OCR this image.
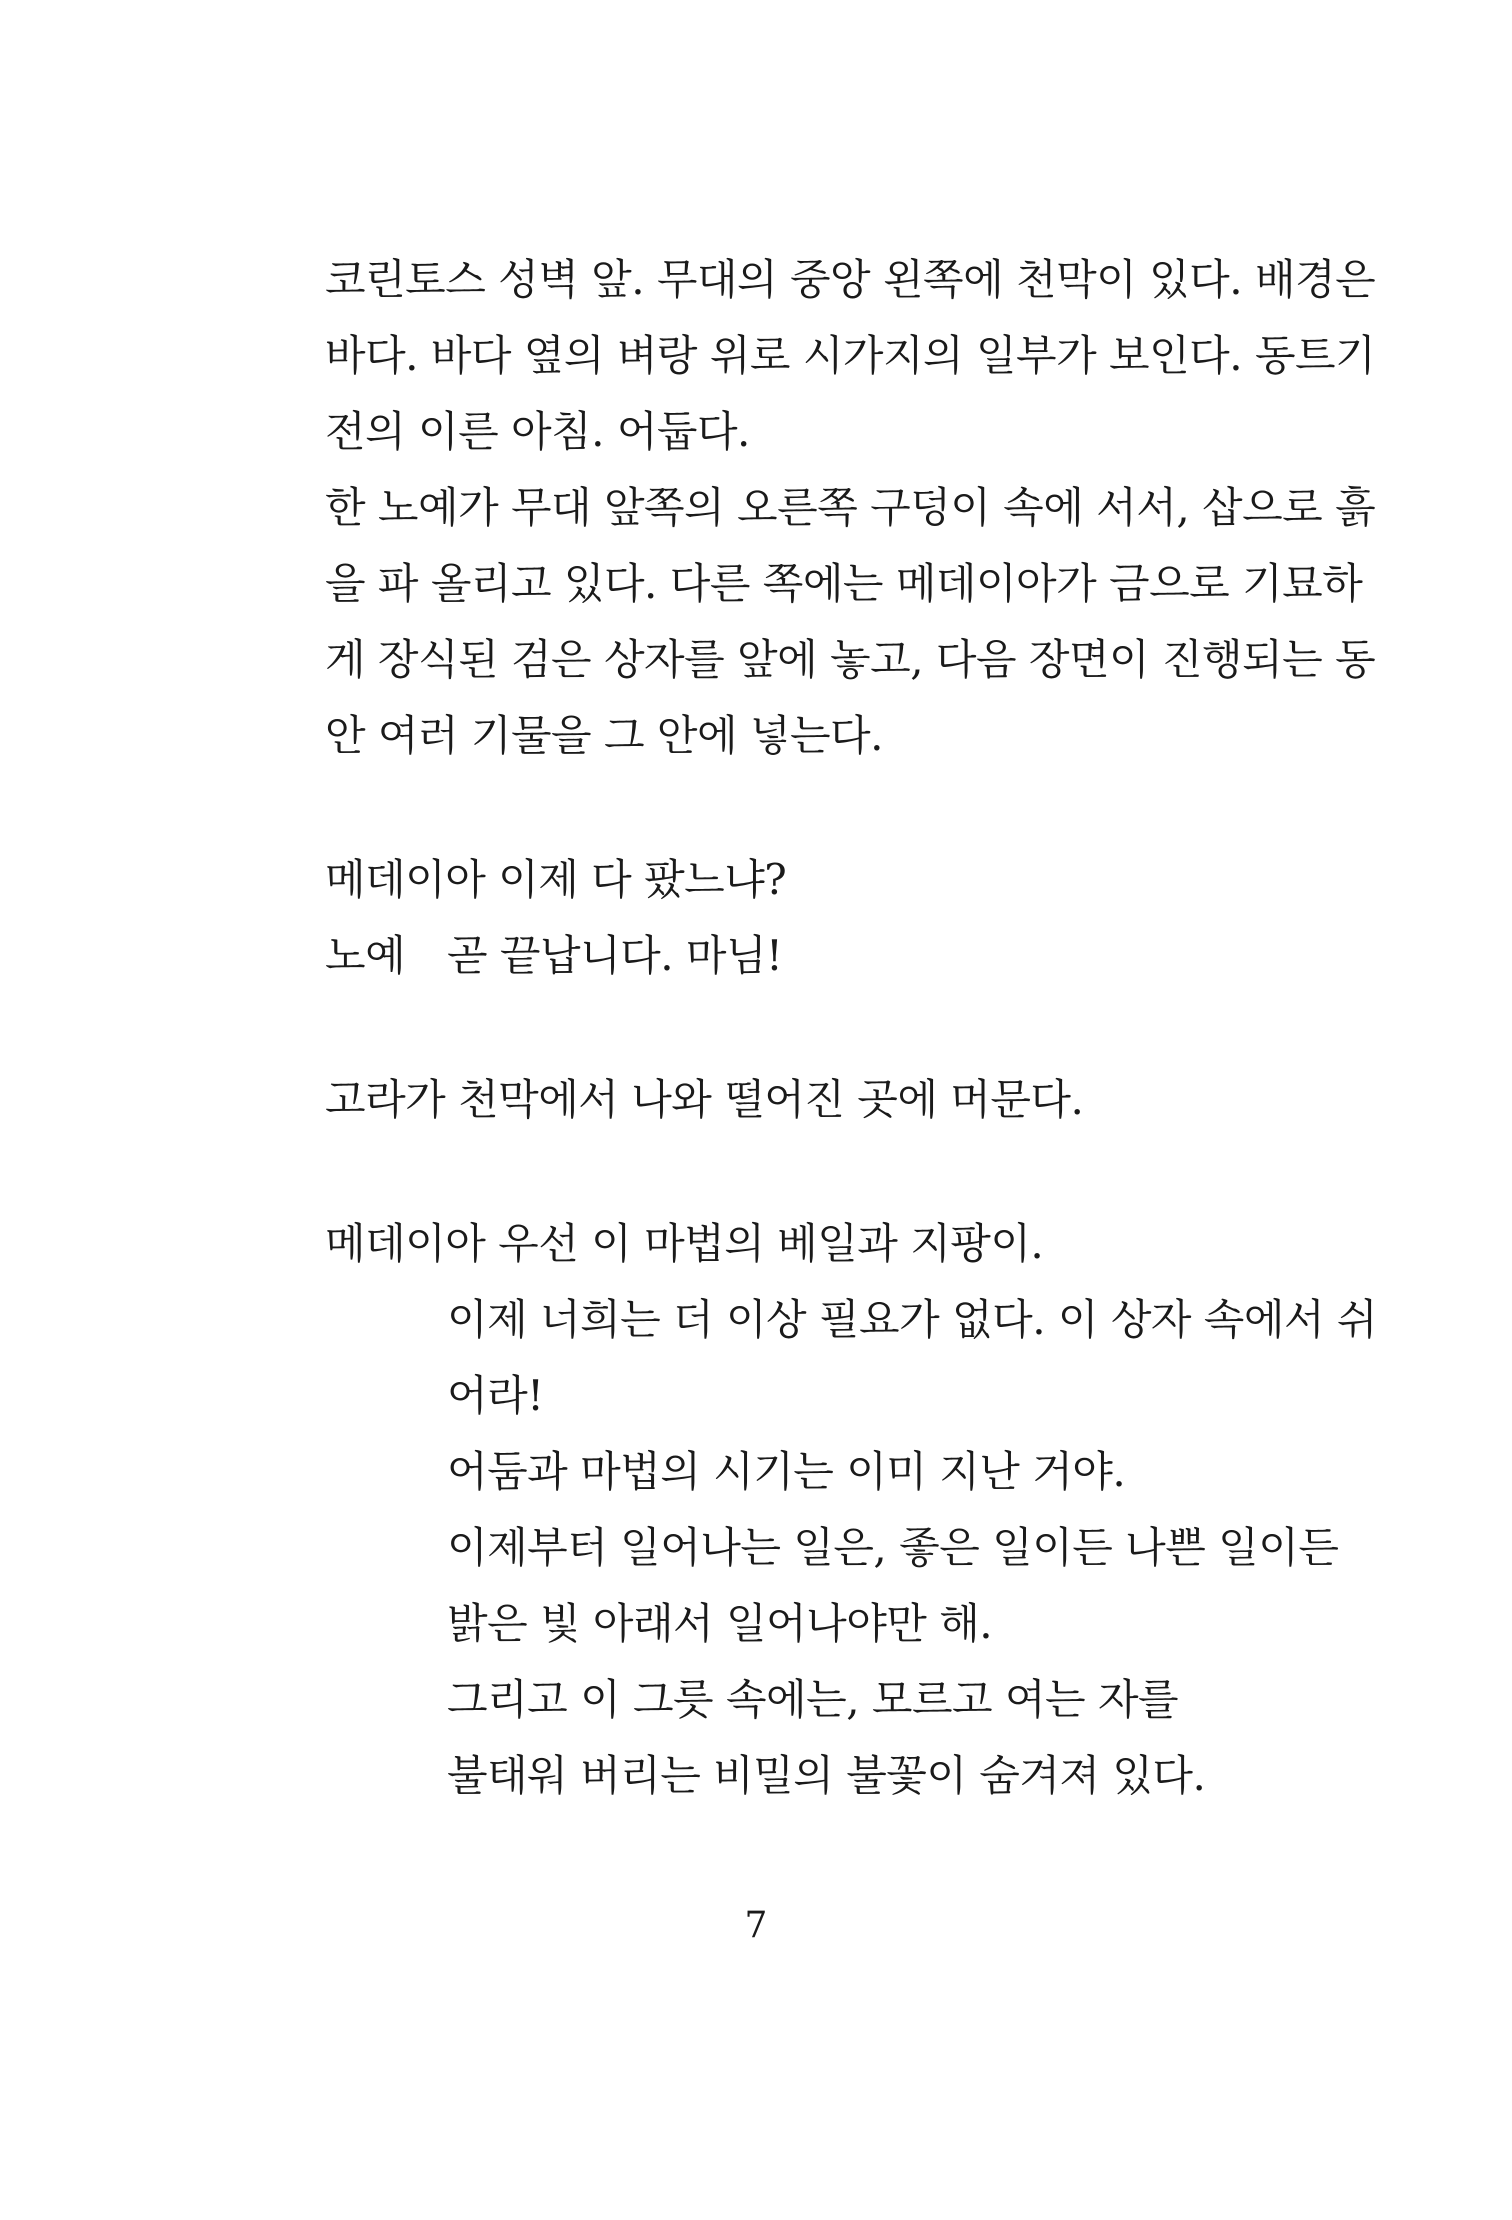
코린토스 성벽 앞. 무대의 중앙 왼쪽에 천막이 있다. 배경은
바다. 바다 옆의 벼랑 위로 시가지의 일부가 보인다. 동트기
전의 이른 아침. 어둡다.
한 노예가 무대 앞쪽의 오른쪽 구덩이 속에 서서, 삽으로 흙
을 파 올리고 있다. 다른 쪽에는 메데이아가 금으로 기묘하
게 장식된 검은 상자를 앞에 놓고, 다음 장면이 진행되는 동
안 여러 기물을 그 안에 넣는다.
메데이아 이제 다 팠느냐?
노예 곧 끝납니다. 마님!
고라가 천막에서 나와 떨어진 곳에 머문다.
메데이아 우선 이 마법의 베일과 지팡이.
이제 너희는 더 이상 필요가 없다. 이 상자 속에서 쉬
어라!
어둠과 마법의 시기는 이미 지난 거야.
이제부터 일어나는 일은, 좋은 일이든 나쁜 일이든
밝은 빛 아래서 일어나야만 해.
그리고 이 그릇 속에는, 모르고 여는 자를
불태워 버리는 비밀의 불꽃이 숨겨져 있다.
7
